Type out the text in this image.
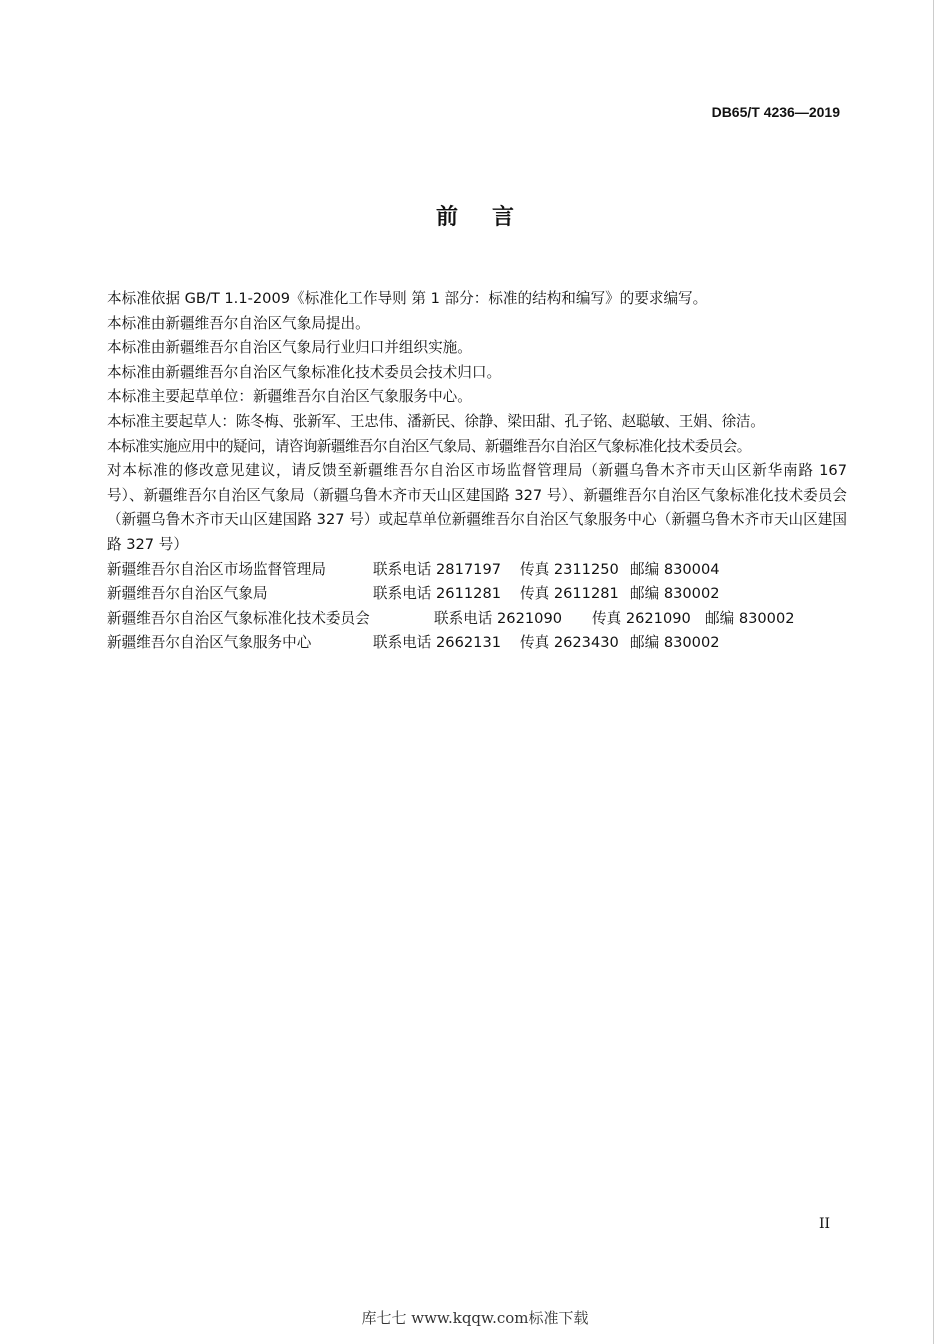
DB65/T 4236—2019
前言

本标准依据 GB/T 1.1-2009《标准化工作导则 第 1 部分：标准的结构和编写》的要求编写。

本标准由新疆维吾尔自治区气象局提出。

本标准由新疆维吾尔自治区气象局行业归口并组织实施。

本标准由新疆维吾尔自治区气象标准化技术委员会技术归口。

本标准主要起草单位：新疆维吾尔自治区气象服务中心。

本标准主要起草人：陈冬梅、张新军、王忠伟、潘新民、徐静、梁田甜、孔子铭、赵聪敏、王娟、徐洁。

本标准实施应用中的疑问，请咨询新疆维吾尔自治区气象局、新疆维吾尔自治区气象标准化技术委员会。

对本标准的修改意见建议，请反馈至新疆维吾尔自治区市场监督管理局（新疆乌鲁木齐市天山区新华南路 167 号）、新疆维吾尔自治区气象局（新疆乌鲁木齐市天山区建国路 327 号）、新疆维吾尔自治区气象标准化技术委员会（新疆乌鲁木齐市天山区建国路 327 号）或起草单位新疆维吾尔自治区气象服务中心（新疆乌鲁木齐市天山区建国路 327 号）

新疆维吾尔自治区市场监督管理局	联系电话 2817197 传真 2311250 邮编 830004
新疆维吾尔自治区气象局	联系电话 2611281 传真 2611281 邮编 830002
新疆维吾尔自治区气象标准化技术委员会	联系电话 2621090 传真 2621090 邮编 830002
新疆维吾尔自治区气象服务中心	联系电话 2662131 传真 2623430 邮编 830002
II
库七七 www.kqqw.com标准下载
